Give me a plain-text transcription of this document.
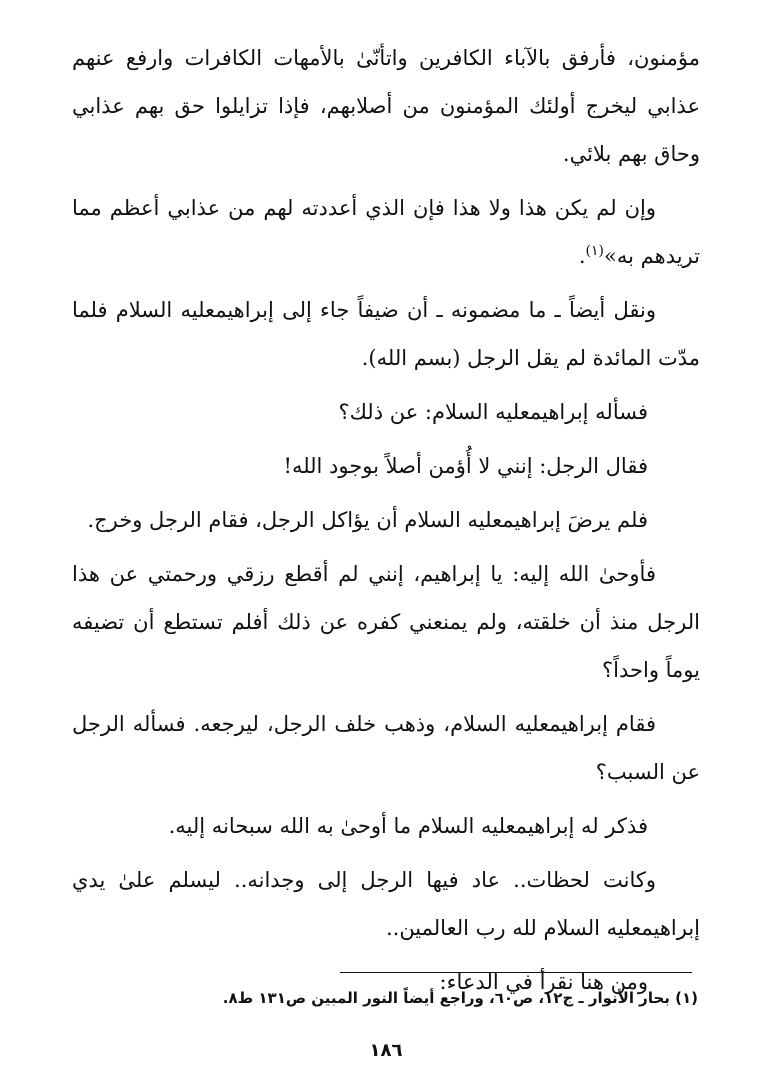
مؤمنون، فأرفق بالآباء الكافرين واتأنّىٰ بالأمهات الكافرات وارفع عنهم عذابي ليخرج أولئك المؤمنون من أصلابهم، فإذا تزايلوا حق بهم عذابي وحاق بهم بلائي.

وإن لم يكن هذا ولا هذا فإن الذي أعددته لهم من عذابي أعظم مما تريدهم به»$^{(١)}$.

ونقل أيضاً ـ ما مضمونه ـ أن ضيفاً جاء إلى إبراهيمعليه السلام فلما مدّت المائدة لم يقل الرجل (بسم الله).

فسأله إبراهيمعليه السلام: عن ذلك؟

فقال الرجل: إنني لا أُؤمن أصلاً بوجود الله!

فلم يرضَ إبراهيمعليه السلام أن يؤاكل الرجل، فقام الرجل وخرج.

فأوحىٰ الله إليه: يا إبراهيم، إنني لم أقطع رزقي ورحمتي عن هذا الرجل منذ أن خلقته، ولم يمنعني كفره عن ذلك أفلم تستطع أن تضيفه يوماً واحداً؟

فقام إبراهيمعليه السلام، وذهب خلف الرجل، ليرجعه. فسأله الرجل عن السبب؟

فذكر له إبراهيمعليه السلام ما أوحىٰ به الله سبحانه إليه.

وكانت لحظات.. عاد فيها الرجل إلى وجدانه.. ليسلم علىٰ يدي إبراهيمعليه السلام لله رب العالمين..

ومن هنا نقرأ في الدعاء:

(١) بحار الأنوار ـ ج١٢، ص٦٠، وراجع أيضاً النور المبين ص١٣١ ط٨.
١٨٦
